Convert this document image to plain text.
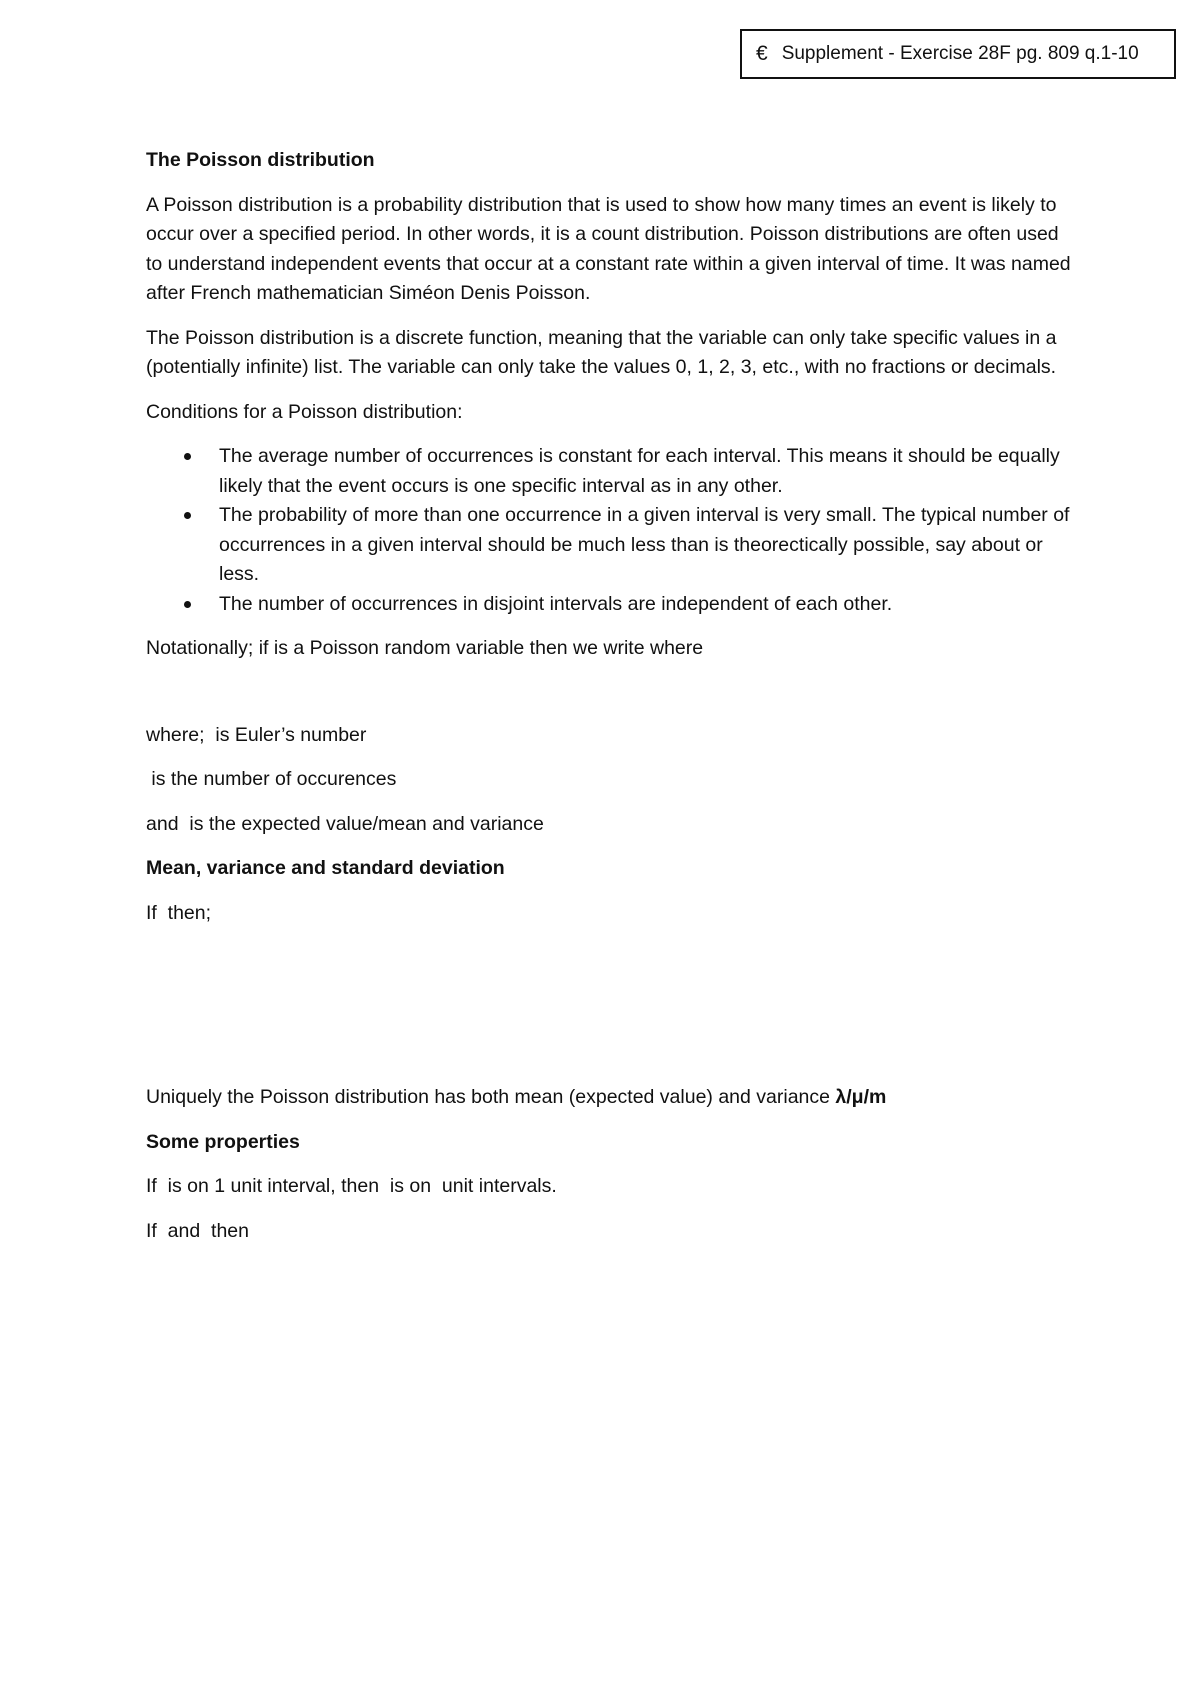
€ Supplement - Exercise 28F pg. 809 q.1-10
The Poisson distribution

A Poisson distribution is a probability distribution that is used to show how many times an event is likely to occur over a specified period. In other words, it is a count distribution. Poisson distributions are often used to understand independent events that occur at a constant rate within a given interval of time. It was named after French mathematician Siméon Denis Poisson.

The Poisson distribution is a discrete function, meaning that the variable can only take specific values in a (potentially infinite) list. The variable can only take the values 0, 1, 2, 3, etc., with no fractions or decimals.

Conditions for a Poisson distribution:

The average number of occurrences is constant for each interval. This means it should be equally likely that the event occurs is one specific interval as in any other.
The probability of more than one occurrence in a given interval is very small. The typical number of occurrences in a given interval should be much less than is theorectically possible, say about or less.
The number of occurrences in disjoint intervals are independent of each other.

Notationally; if is a Poisson random variable then we write where

where;  is Euler’s number

is the number of occurences

and  is the expected value/mean and variance

Mean, variance and standard deviation

If  then;

Uniquely the Poisson distribution has both mean (expected value) and variance λ/μ/m

Some properties

If  is on 1 unit interval, then  is on  unit intervals.

If  and  then
